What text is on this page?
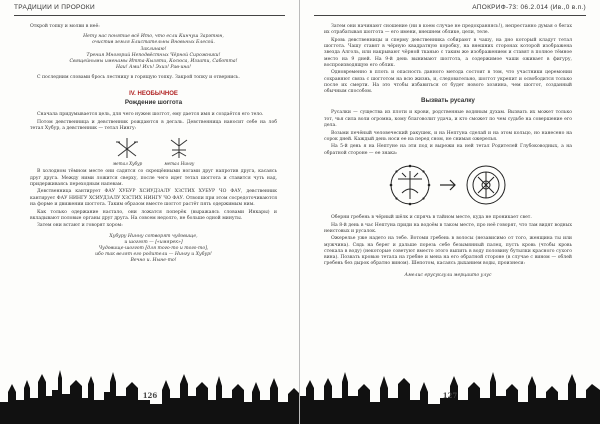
ТРАДИЦИИ И ПРОРОКИ
Открой топку и молви в неё:
Нету нас понятие всё Ито, что если Кинчуш Зарэтюн,
очистив земля Блистательны Вновьных Блесой.
Заклинаю!
Трения Многорий Неподвёстных Чёрной Сирожники!
Свящейнымы именамы Итта-Кызяти, Косюса, Иззати, Саботта!
Наи! Ами! Ихъ! Эхиз! Рав-ина!
С последним словами брось лестницу в горящую топку. Закрой топку и отвернись.
IV. НЕОБЫЧНОЕ
Рождение шоггота
Сначала придумывается цель, для чего нужен шоггот, ему дается имя и создаётся его тело.
Потом девственница и девственник рождаются в дегаль. Девственница наносит себе на лоб тетал Хубур, а девственник — тетал Нингу:
метал Хубур	метал Нингу
В холодном тёмном месте они садятся со скрещёнными ногами друг напротив друга, касаясь друг друга. Между ними ложится сверху, после чего идет тетал шоггота и ставится чуть над, придерживаясь переходным напевам.
Девственница кантирует ФАУ ХУБУР ХСИУДЗАЛУ ХЗСТИХ ХУБУР ЧО ФАУ, девственник кантирует ФАУ НИНГУ ХСИУДЗАЛУ ХЗСТИХ НИНГУ ЧО ФАУ. Отвопи при этом сосредоточиваются на форме и движении шоггота. Таким образом вместе шоггот растёт пять одержимым ним.
Как только одержание настало, они ложатся поперёк (выражаясь словами Инкары) и вкладывают половые органы друг друга. На совсем недолго, не больше одной минуты.
Затем они встают и говорят хором:
Хубуру Нинну сотворят чудовище,
и шоггот — [«имярек»]
Чудовище-шоггот [для того-то и того-то],
ибо так велят его родители — Нингу и Хубур!
Вечно и. Ныне-то!
126
АПОКРИФ-73: 06.2.014 (Ив.,0 в.п.)
Затем они начинают сношение (ни в коем случае не предохраняясь!), непрестанно думая о бегах их отрабатывая шоггота — его имени, внешнем облике, цели, теле.
Кровь девственницы и сперму девственника собирают в чашу, на дно который кладут тетал шоггота. Чашу ставят в чёрную квадратную коробку, на внешних сторонах которой изображена звезда Алголь, или накрывают чёрной тканью с таким же изображением и ставят в полное тёмное место на 9 дней. На 9-й день вынимают шоггота, а содержимое чаши оживает в фигуру, воспроизводящую его облик.
Одновременно в плоть и опасность данного метода состоит в том, что участники церемонии сохраняют связь с шогготом на всю жизнь, и, следовательно, шоггот укрепит и освободится только после их смерти. На это чтобы избавиться от будет нового хозяина, чем шоггот, созданный обычным способом.
Вызвать русалку
Русалки — существа из плоти и крови, родственные водяным духам. Вызвать их может только тот, чья сила воли огромна, кому благоволит удача, и кто сможет по чем судьбе на совершение его дела.
Возьми печёный человеческий ракушек, и на Нептуна сделай и на этом кольцо, но нанесено на сорок дней. Каждый день носи ее на перед сном, не снимая ожерелья.
На 5-й день я на Нептуне на эти под и вырежи на ней тетал Родителей Глубоководных, а на обратной стороне — ее знака:
Оберни гребень в чёрный шёлк и спрячь в тайном месте, куда не проникает свет.
На 8-й день в час Нептуна приди на водоём в таком месте, про неё говорят, что там видят водных неистовых и русалок.
Ожерелье уже надето на тебе. Вотоми гребень в волосы (независимо от того, женщина ты или мужчина). Сядь на берег и дальше порезь себе безымянный палец, пусть кровь (чтобы кровь стекала в воду) (некоторые советуют вместо этого выпить в воду половину бутылки красного сухого вина). Позвать кровью тетала на гребне и мена на его обратной стороне (в случае с вином — облей гребень без дырок обратно вином). Шепотом, касаясь дыханием воды, произнеси:
Амелис ерусуклули мерцаито улус
127
